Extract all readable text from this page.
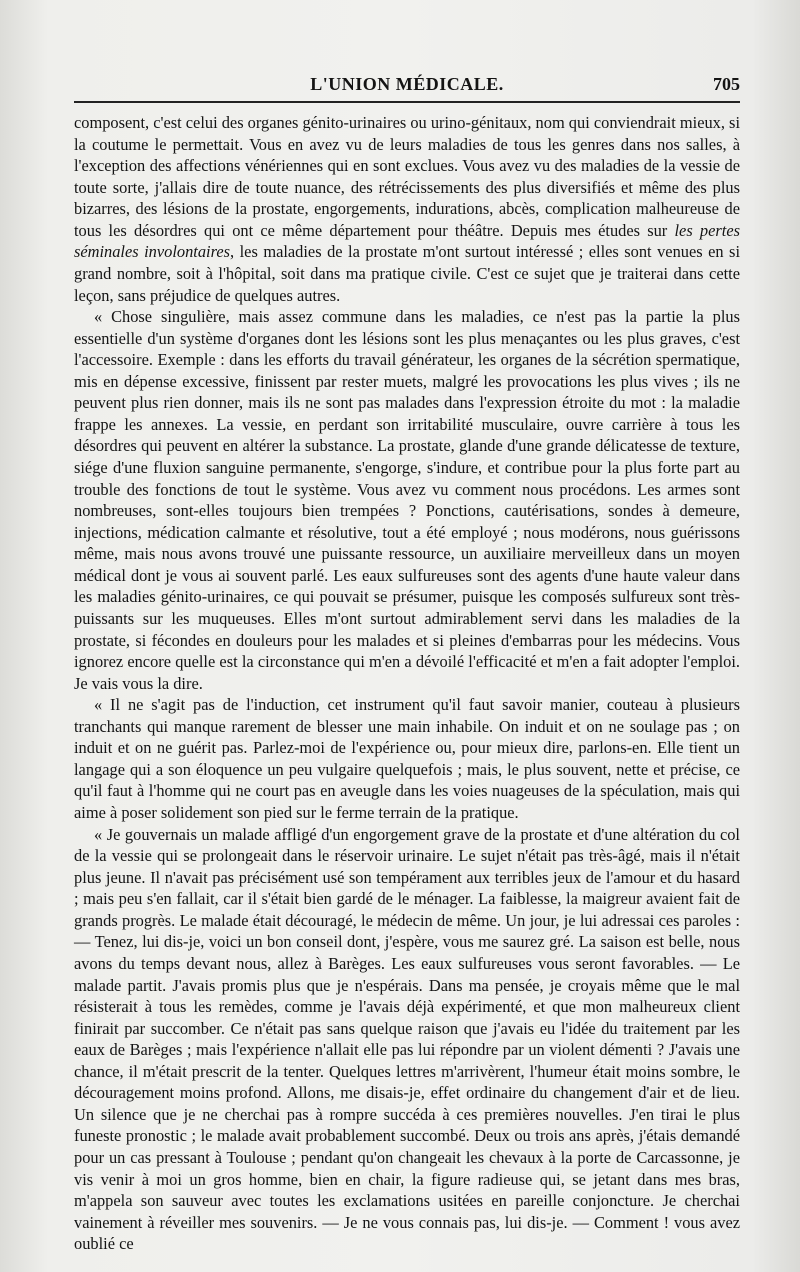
L'UNION MÉDICALE.	705

composent, c'est celui des organes génito-urinaires ou urino-génitaux, nom qui conviendrait mieux, si la coutume le permettait. Vous en avez vu de leurs maladies de tous les genres dans nos salles, à l'exception des affections vénériennes qui en sont exclues. Vous avez vu des maladies de la vessie de toute sorte, j'allais dire de toute nuance, des rétrécissements des plus diversifiés et même des plus bizarres, des lésions de la prostate, engorgements, indurations, abcès, complication malheureuse de tous les désordres qui ont ce même département pour théâtre. Depuis mes études sur les pertes séminales involontaires, les maladies de la prostate m'ont surtout intéressé ; elles sont venues en si grand nombre, soit à l'hôpital, soit dans ma pratique civile. C'est ce sujet que je traiterai dans cette leçon, sans préjudice de quelques autres.

« Chose singulière, mais assez commune dans les maladies, ce n'est pas la partie la plus essentielle d'un système d'organes dont les lésions sont les plus menaçantes ou les plus graves, c'est l'accessoire. Exemple : dans les efforts du travail générateur, les organes de la sécrétion spermatique, mis en dépense excessive, finissent par rester muets, malgré les provocations les plus vives ; ils ne peuvent plus rien donner, mais ils ne sont pas malades dans l'expression étroite du mot : la maladie frappe les annexes. La vessie, en perdant son irritabilité musculaire, ouvre carrière à tous les désordres qui peuvent en altérer la substance. La prostate, glande d'une grande délicatesse de texture, siége d'une fluxion sanguine permanente, s'engorge, s'indure, et contribue pour la plus forte part au trouble des fonctions de tout le système. Vous avez vu comment nous procédons. Les armes sont nombreuses, sont-elles toujours bien trempées ? Ponctions, cautérisations, sondes à demeure, injections, médication calmante et résolutive, tout a été employé ; nous modérons, nous guérissons même, mais nous avons trouvé une puissante ressource, un auxiliaire merveilleux dans un moyen médical dont je vous ai souvent parlé. Les eaux sulfureuses sont des agents d'une haute valeur dans les maladies génito-urinaires, ce qui pouvait se présumer, puisque les composés sulfureux sont très-puissants sur les muqueuses. Elles m'ont surtout admirablement servi dans les maladies de la prostate, si fécondes en douleurs pour les malades et si pleines d'embarras pour les médecins. Vous ignorez encore quelle est la circonstance qui m'en a dévoilé l'efficacité et m'en a fait adopter l'emploi. Je vais vous la dire.

« Il ne s'agit pas de l'induction, cet instrument qu'il faut savoir manier, couteau à plusieurs tranchants qui manque rarement de blesser une main inhabile. On induit et on ne soulage pas ; on induit et on ne guérit pas. Parlez-moi de l'expérience ou, pour mieux dire, parlons-en. Elle tient un langage qui a son éloquence un peu vulgaire quelquefois ; mais, le plus souvent, nette et précise, ce qu'il faut à l'homme qui ne court pas en aveugle dans les voies nuageuses de la spéculation, mais qui aime à poser solidement son pied sur le ferme terrain de la pratique.

« Je gouvernais un malade affligé d'un engorgement grave de la prostate et d'une altération du col de la vessie qui se prolongeait dans le réservoir urinaire. Le sujet n'était pas très-âgé, mais il n'était plus jeune. Il n'avait pas précisément usé son tempérament aux terribles jeux de l'amour et du hasard ; mais peu s'en fallait, car il s'était bien gardé de le ménager. La faiblesse, la maigreur avaient fait de grands progrès. Le malade était découragé, le médecin de même. Un jour, je lui adressai ces paroles : — Tenez, lui dis-je, voici un bon conseil dont, j'espère, vous me saurez gré. La saison est belle, nous avons du temps devant nous, allez à Barèges. Les eaux sulfureuses vous seront favorables. — Le malade partit. J'avais promis plus que je n'espérais. Dans ma pensée, je croyais même que le mal résisterait à tous les remèdes, comme je l'avais déjà expérimenté, et que mon malheureux client finirait par succomber. Ce n'était pas sans quelque raison que j'avais eu l'idée du traitement par les eaux de Barèges ; mais l'expérience n'allait elle pas lui répondre par un violent démenti ? J'avais une chance, il m'était prescrit de la tenter. Quelques lettres m'arrivèrent, l'humeur était moins sombre, le découragement moins profond. Allons, me disais-je, effet ordinaire du changement d'air et de lieu. Un silence que je ne cherchai pas à rompre succéda à ces premières nouvelles. J'en tirai le plus funeste pronostic ; le malade avait probablement succombé. Deux ou trois ans après, j'étais demandé pour un cas pressant à Toulouse ; pendant qu'on changeait les chevaux à la porte de Carcassonne, je vis venir à moi un gros homme, bien en chair, la figure radieuse qui, se jetant dans mes bras, m'appela son sauveur avec toutes les exclamations usitées en pareille conjoncture. Je cherchai vainement à réveiller mes souvenirs. — Je ne vous connais pas, lui dis-je. — Comment ! vous avez oublié ce
